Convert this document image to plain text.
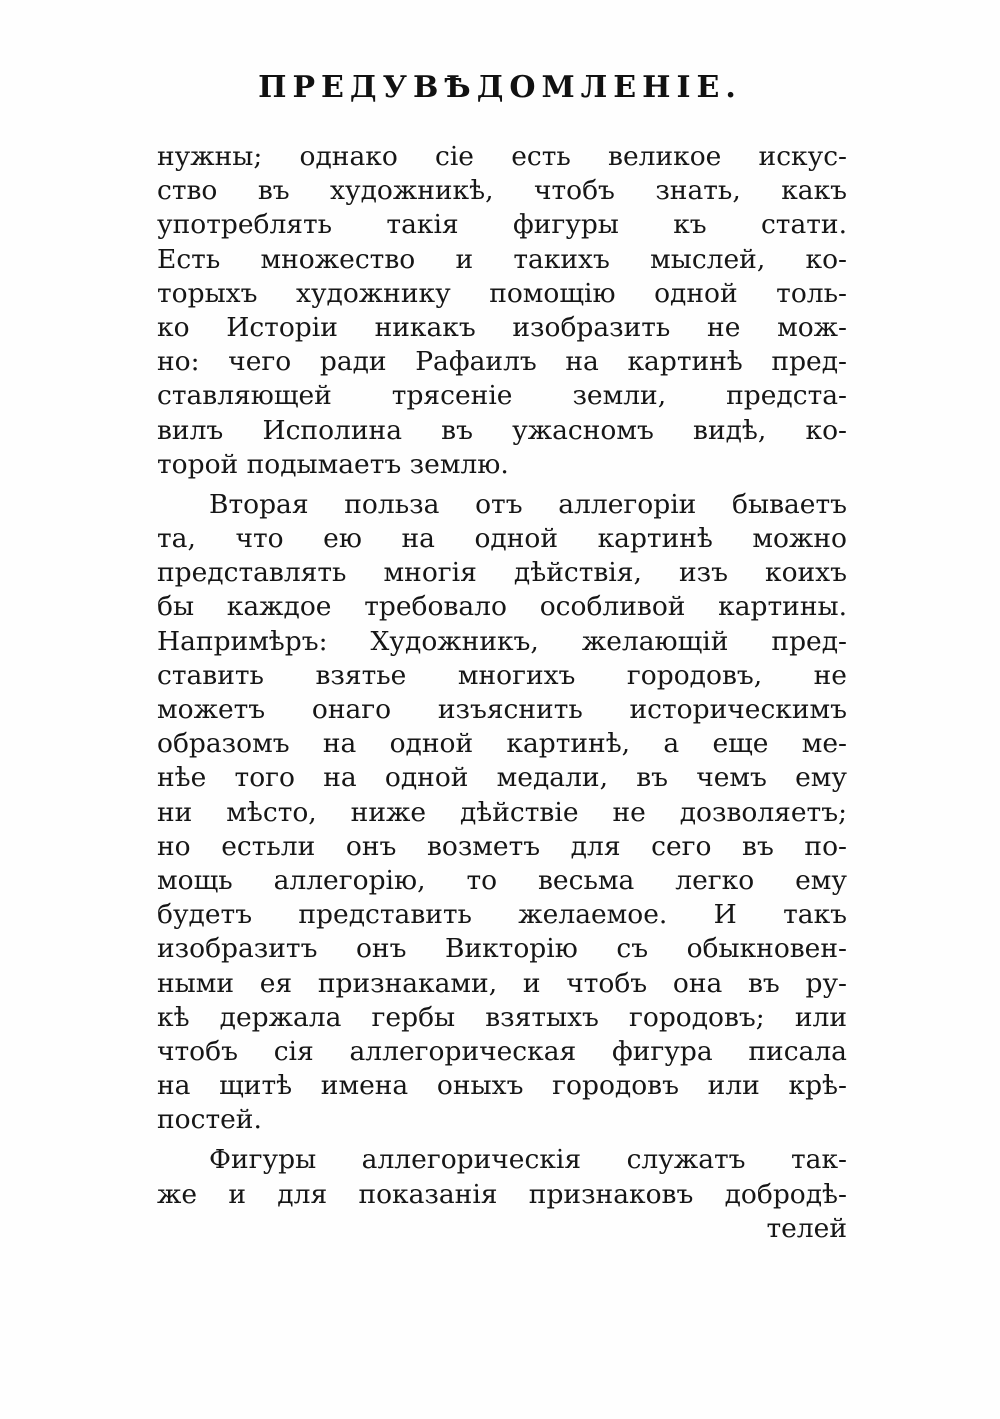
ПРЕДУВѢДОМЛЕНІЕ.
нужны; однако сіе есть великое искус-
ство въ художникѣ, чтобъ знать, какъ
употреблять такія фигуры къ стати.
Есть множество и такихъ мыслей, ко-
торыхъ художнику помощію одной толь-
ко Исторіи никакъ изобразить не мож-
но: чего ради Рафаилъ на картинѣ пред-
ставляющей трясеніе земли, предста-
вилъ Исполина въ ужасномъ видѣ, ко-
торой подымаетъ землю.
Вторая польза отъ аллегоріи бываетъ
та, что ею на одной картинѣ можно
представлять многія дѣйствія, изъ коихъ
бы каждое требовало особливой картины.
Напримѣръ: Художникъ, желающій пред-
ставить взятье многихъ городовъ, не
можетъ онаго изъяснить историческимъ
образомъ на одной картинѣ, а еще ме-
нѣе того на одной медали, въ чемъ ему
ни мѣсто, ниже дѣйствіе не дозволяетъ;
но естьли онъ возметъ для сего въ по-
мощь аллегорію, то весьма легко ему
будетъ представить желаемое. И такъ
изобразитъ онъ Викторію съ обыкновен-
ными ея признаками, и чтобъ она въ ру-
кѣ держала гербы взятыхъ городовъ; или
чтобъ сія аллегорическая фигура писала
на щитѣ имена оныхъ городовъ или крѣ-
постей.
Фигуры аллегорическія служатъ так-
же и для показанія признаковъ добродѣ-
телей
